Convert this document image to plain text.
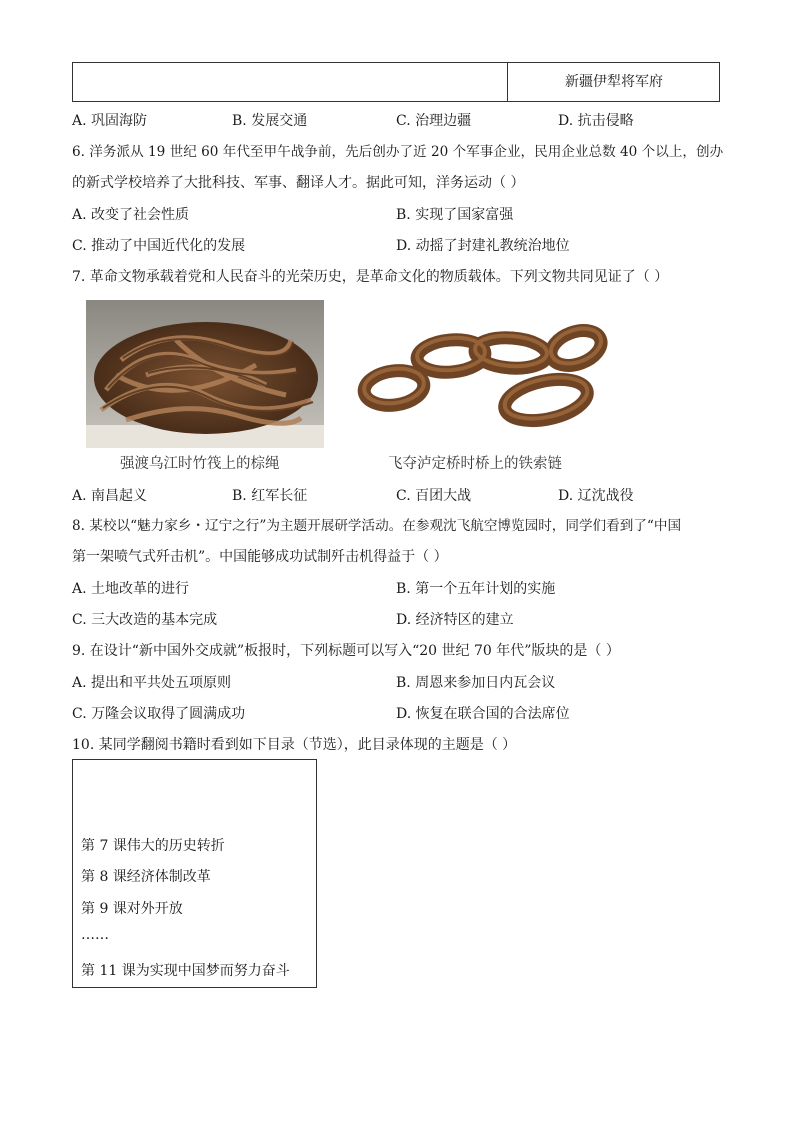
新疆伊犁将军府
A. 巩固海防	B. 发展交通	C. 治理边疆	D. 抗击侵略
6. 洋务派从 19 世纪 60 年代至甲午战争前，先后创办了近 20 个军事企业，民用企业总数 40 个以上，创办
的新式学校培养了大批科技、军事、翻译人才。据此可知，洋务运动（ ）
A. 改变了社会性质	B. 实现了国家富强
C. 推动了中国近代化的发展	D. 动摇了封建礼教统治地位
7. 革命文物承载着党和人民奋斗的光荣历史，是革命文化的物质载体。下列文物共同见证了（ ）
强渡乌江时竹筏上的棕绳	飞夺泸定桥时桥上的铁索链
A. 南昌起义	B. 红军长征	C. 百团大战	D. 辽沈战役
8. 某校以“魅力家乡・辽宁之行”为主题开展研学活动。在参观沈飞航空博览园时，同学们看到了“中国
第一架喷气式歼击机”。中国能够成功试制歼击机得益于（ ）
A. 土地改革的进行	B. 第一个五年计划的实施
C. 三大改造的基本完成	D. 经济特区的建立
9. 在设计“新中国外交成就”板报时，下列标题可以写入“20 世纪 70 年代”版块的是（ ）
A. 提出和平共处五项原则	B. 周恩来参加日内瓦会议
C. 万隆会议取得了圆满成功	D. 恢复在联合国的合法席位
10. 某同学翻阅书籍时看到如下目录（节选），此目录体现的主题是（ ）
第 7 课伟大的历史转折
第 8 课经济体制改革
第 9 课对外开放
……
第 11 课为实现中国梦而努力奋斗
